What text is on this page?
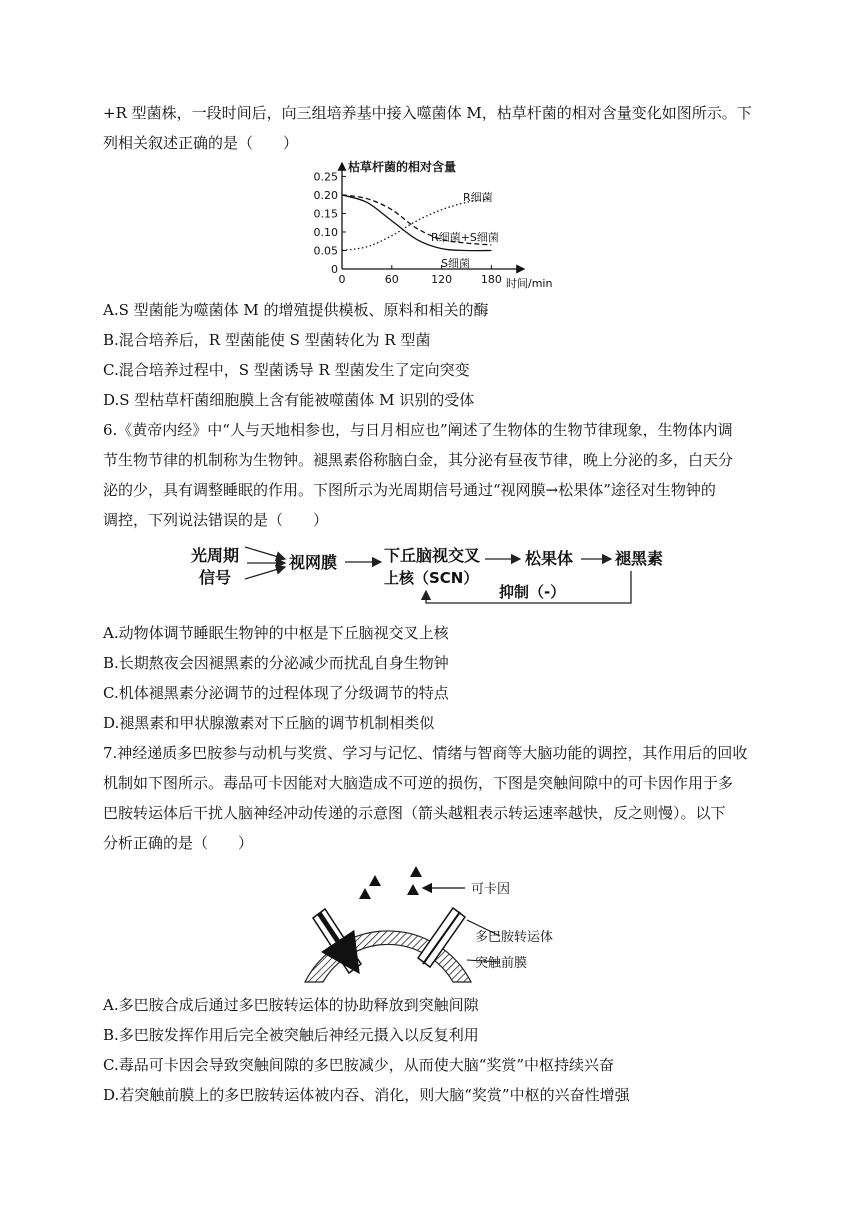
+R 型菌株，一段时间后，向三组培养基中接入噬菌体 M，枯草杆菌的相对含量变化如图所示。下
列相关叙述正确的是（　　）
枯草杆菌的相对含量
0
0.05
0.10
0.15
0.20
0.25
0	60	120	180 时间/min
R细菌
R细菌+S细菌
S细菌
A.S 型菌能为噬菌体 M 的增殖提供模板、原料和相关的酶
B.混合培养后，R 型菌能使 S 型菌转化为 R 型菌
C.混合培养过程中，S 型菌诱导 R 型菌发生了定向突变
D.S 型枯草杆菌细胞膜上含有能被噬菌体 M 识别的受体
6.《黄帝内经》中“人与天地相参也，与日月相应也”阐述了生物体的生物节律现象，生物体内调
节生物节律的机制称为生物钟。褪黑素俗称脑白金，其分泌有昼夜节律，晚上分泌的多，白天分
泌的少，具有调整睡眠的作用。下图所示为光周期信号通过“视网膜→松果体”途径对生物钟的
调控，下列说法错误的是（　　）
光周期
信号
视网膜	下丘脑视交叉
上核（SCN）
松果体	褪黑素
抑制（-）
A.动物体调节睡眠生物钟的中枢是下丘脑视交叉上核
B.长期熬夜会因褪黑素的分泌减少而扰乱自身生物钟
C.机体褪黑素分泌调节的过程体现了分级调节的特点
D.褪黑素和甲状腺激素对下丘脑的调节机制相类似
7.神经递质多巴胺参与动机与奖赏、学习与记忆、情绪与智商等大脑功能的调控，其作用后的回收
机制如下图所示。毒品可卡因能对大脑造成不可逆的损伤，下图是突触间隙中的可卡因作用于多
巴胺转运体后干扰人脑神经冲动传递的示意图（箭头越粗表示转运速率越快，反之则慢）。以下
分析正确的是（　　）
可卡因
多巴胺转运体
突触前膜
A.多巴胺合成后通过多巴胺转运体的协助释放到突触间隙
B.多巴胺发挥作用后完全被突触后神经元摄入以反复利用
C.毒品可卡因会导致突触间隙的多巴胺减少，从而使大脑“奖赏”中枢持续兴奋
D.若突触前膜上的多巴胺转运体被内吞、消化，则大脑“奖赏”中枢的兴奋性增强
